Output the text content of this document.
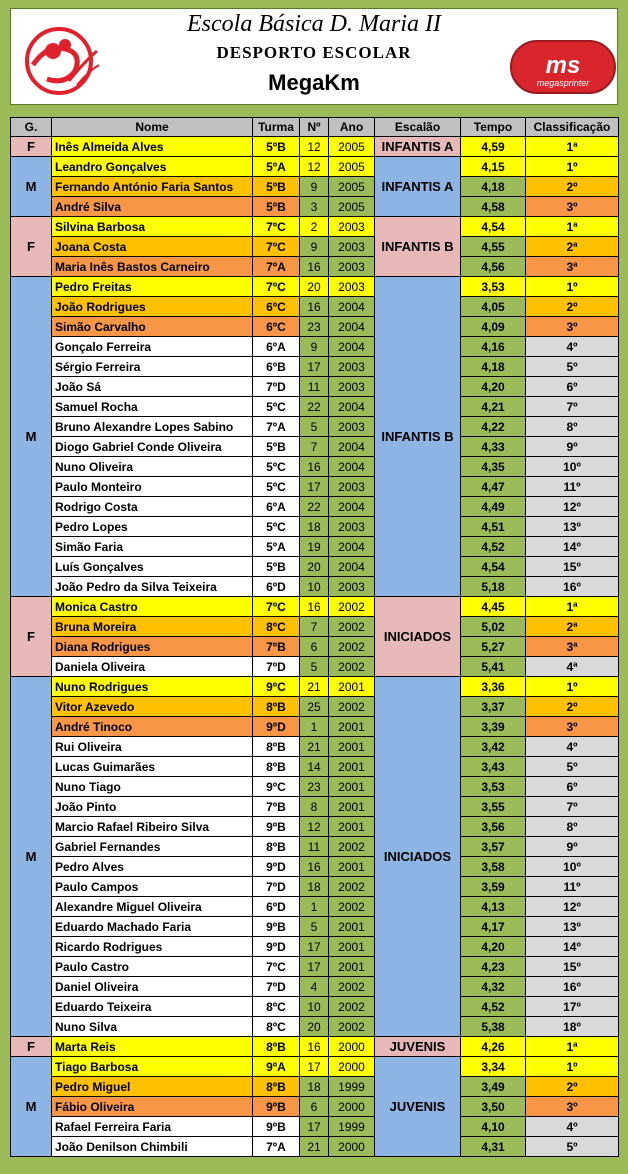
Escola Básica D. Maria II
DESPORTO ESCOLAR
MegaKm
ms
megasprinter
G.	Nome	Turma	Nº	Ano	Escalão	Tempo	Classificação
F	Inês Almeida Alves	5ºB	12	2005	INFANTIS A	4,59	1ª
M	Leandro Gonçalves	5ºA	12	2005	INFANTIS A	4,15	1º
	Fernando António Faria Santos	5ºB	9	2005		4,18	2º
	André Silva	5ºB	3	2005		4,58	3º
F	Silvina Barbosa	7ºC	2	2003	INFANTIS B	4,54	1ª
	Joana Costa	7ºC	9	2003		4,55	2ª
	Maria Inês Bastos Carneiro	7ºA	16	2003		4,56	3ª
M	Pedro Freitas	7ºC	20	2003	INFANTIS B	3,53	1º
	João Rodrigues	6ºC	16	2004		4,05	2º
	Simão Carvalho	6ºC	23	2004		4,09	3º
	Gonçalo Ferreira	6ºA	9	2004		4,16	4º
	Sérgio Ferreira	6ºB	17	2003		4,18	5º
	João Sá	7ºD	11	2003		4,20	6º
	Samuel Rocha	5ºC	22	2004		4,21	7º
	Bruno Alexandre Lopes Sabino	7ºA	5	2003		4,22	8º
	Diogo Gabriel Conde Oliveira	5ºB	7	2004		4,33	9º
	Nuno Oliveira	5ºC	16	2004		4,35	10º
	Paulo Monteiro	5ºC	17	2003		4,47	11º
	Rodrigo Costa	6ºA	22	2004		4,49	12º
	Pedro Lopes	5ºC	18	2003		4,51	13º
	Simão Faria	5ºA	19	2004		4,52	14º
	Luís Gonçalves	5ºB	20	2004		4,54	15º
	João Pedro da Silva Teixeira	6ºD	10	2003		5,18	16º
F	Monica Castro	7ºC	16	2002	INICIADOS	4,45	1ª
	Bruna Moreira	8ºC	7	2002		5,02	2ª
	Diana Rodrigues	7ºB	6	2002		5,27	3ª
	Daniela Oliveira	7ºD	5	2002		5,41	4ª
M	Nuno Rodrigues	9ºC	21	2001	INICIADOS	3,36	1º
	Vitor Azevedo	8ºB	25	2002		3,37	2º
	André Tinoco	9ºD	1	2001		3,39	3º
	Rui Oliveira	8ºB	21	2001		3,42	4º
	Lucas Guimarães	8ºB	14	2001		3,43	5º
	Nuno Tiago	9ºC	23	2001		3,53	6º
	João Pinto	7ºB	8	2001		3,55	7º
	Marcio Rafael Ribeiro Silva	9ºB	12	2001		3,56	8º
	Gabriel Fernandes	8ºB	11	2002		3,57	9º
	Pedro Alves	9ºD	16	2001		3,58	10º
	Paulo Campos	7ºD	18	2002		3,59	11º
	Alexandre Miguel Oliveira	6ºD	1	2002		4,13	12º
	Eduardo Machado Faria	9ºB	5	2001		4,17	13º
	Ricardo Rodrigues	9ºD	17	2001		4,20	14º
	Paulo Castro	7ºC	17	2001		4,23	15º
	Daniel Oliveira	7ºD	4	2002		4,32	16º
	Eduardo Teixeira	8ºC	10	2002		4,52	17º
	Nuno Silva	8ºC	20	2002		5,38	18º
F	Marta Reis	8ºB	16	2000	JUVENIS	4,26	1ª
M	Tiago Barbosa	9ºA	17	2000	JUVENIS	3,34	1º
	Pedro Miguel	8ºB	18	1999		3,49	2º
	Fábio Oliveira	9ºB	6	2000		3,50	3º
	Rafael Ferreira Faria	9ºB	17	1999		4,10	4º
	João Denilson Chimbili	7ºA	21	2000		4,31	5º
